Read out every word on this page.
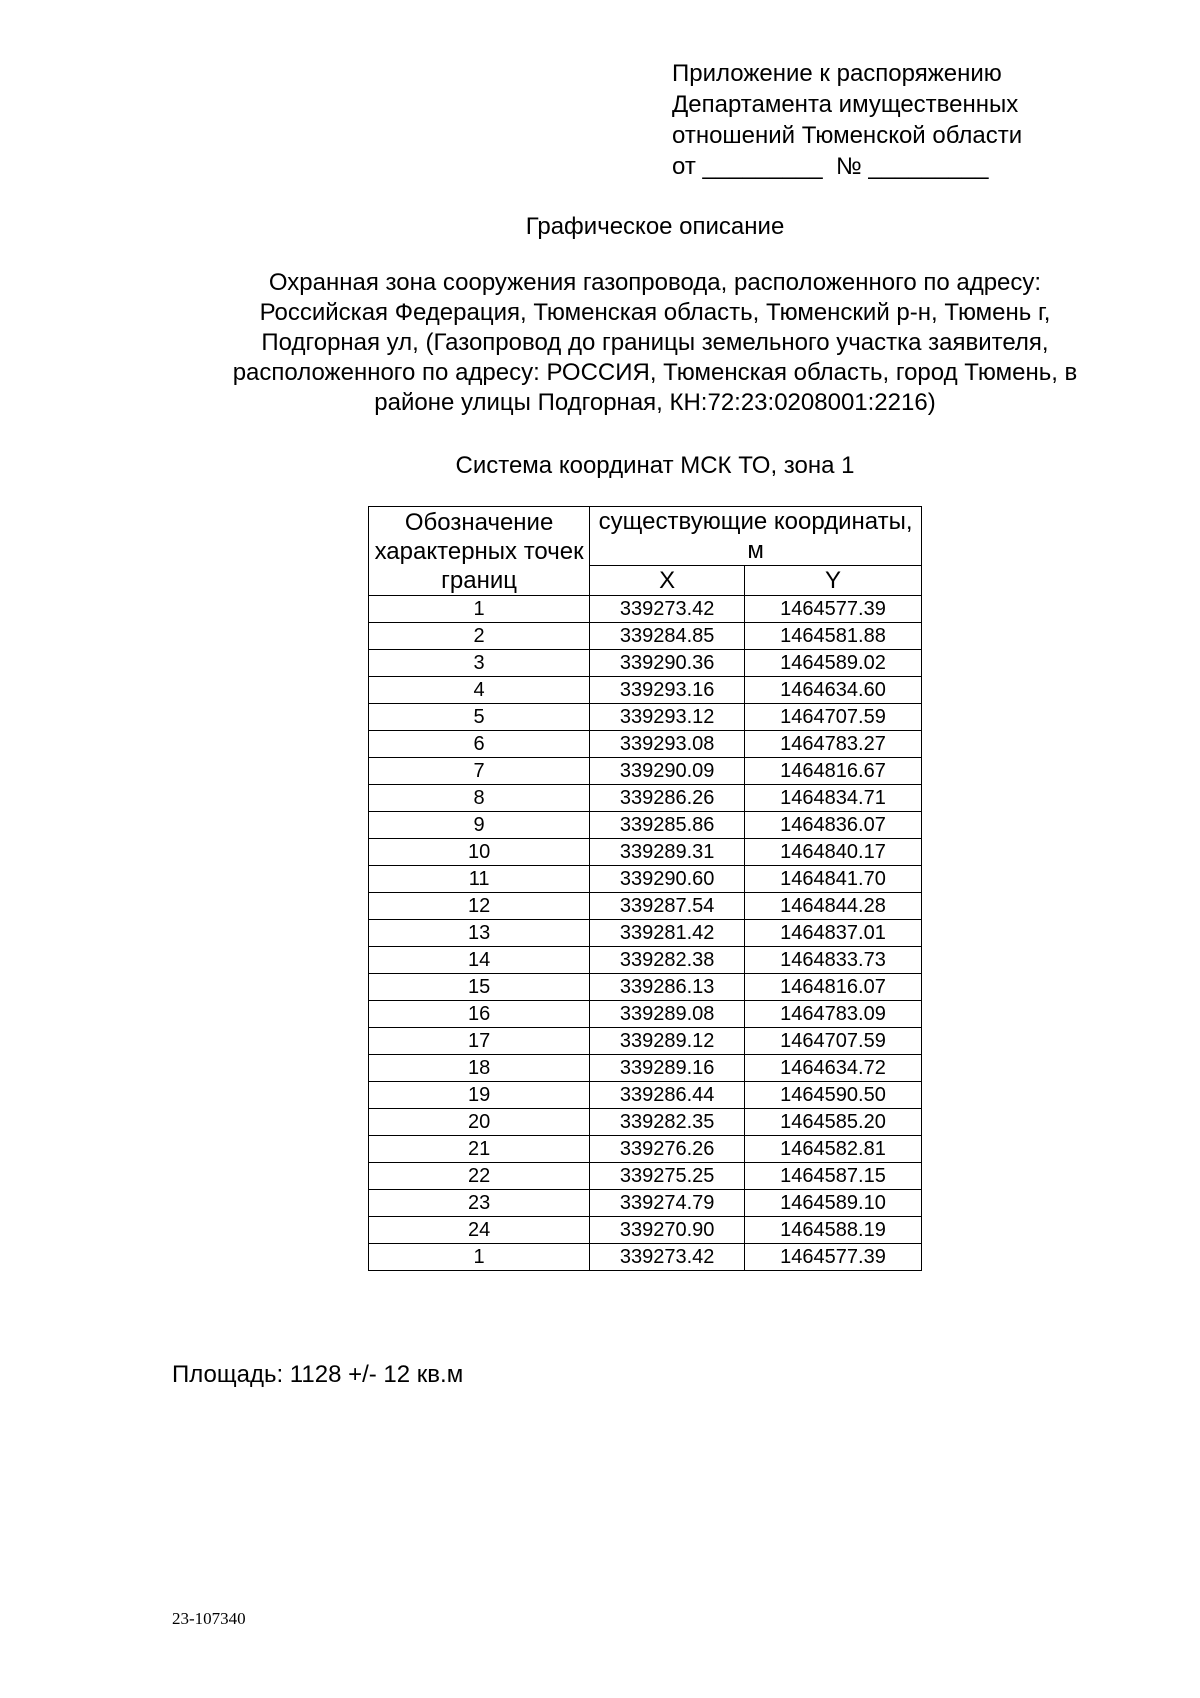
Приложение к распоряжению
Департамента имущественных
отношений Тюменской области
от _________  № _________
Графическое описание
Охранная зона сооружения газопровода, расположенного по адресу:
Российская Федерация, Тюменская область, Тюменский р-н, Тюмень г,
Подгорная ул, (Газопровод до границы земельного участка заявителя,
расположенного по адресу: РОССИЯ, Тюменская область, город Тюмень, в
районе улицы Подгорная, КН:72:23:0208001:2216)
Система координат МСК ТО, зона 1
Обозначение характерных точек границ	существующие координаты, м	
	X	Y
1	339273.42	1464577.39
2	339284.85	1464581.88
3	339290.36	1464589.02
4	339293.16	1464634.60
5	339293.12	1464707.59
6	339293.08	1464783.27
7	339290.09	1464816.67
8	339286.26	1464834.71
9	339285.86	1464836.07
10	339289.31	1464840.17
11	339290.60	1464841.70
12	339287.54	1464844.28
13	339281.42	1464837.01
14	339282.38	1464833.73
15	339286.13	1464816.07
16	339289.08	1464783.09
17	339289.12	1464707.59
18	339289.16	1464634.72
19	339286.44	1464590.50
20	339282.35	1464585.20
21	339276.26	1464582.81
22	339275.25	1464587.15
23	339274.79	1464589.10
24	339270.90	1464588.19
1	339273.42	1464577.39
Площадь: 1128 +/- 12 кв.м
23-107340
